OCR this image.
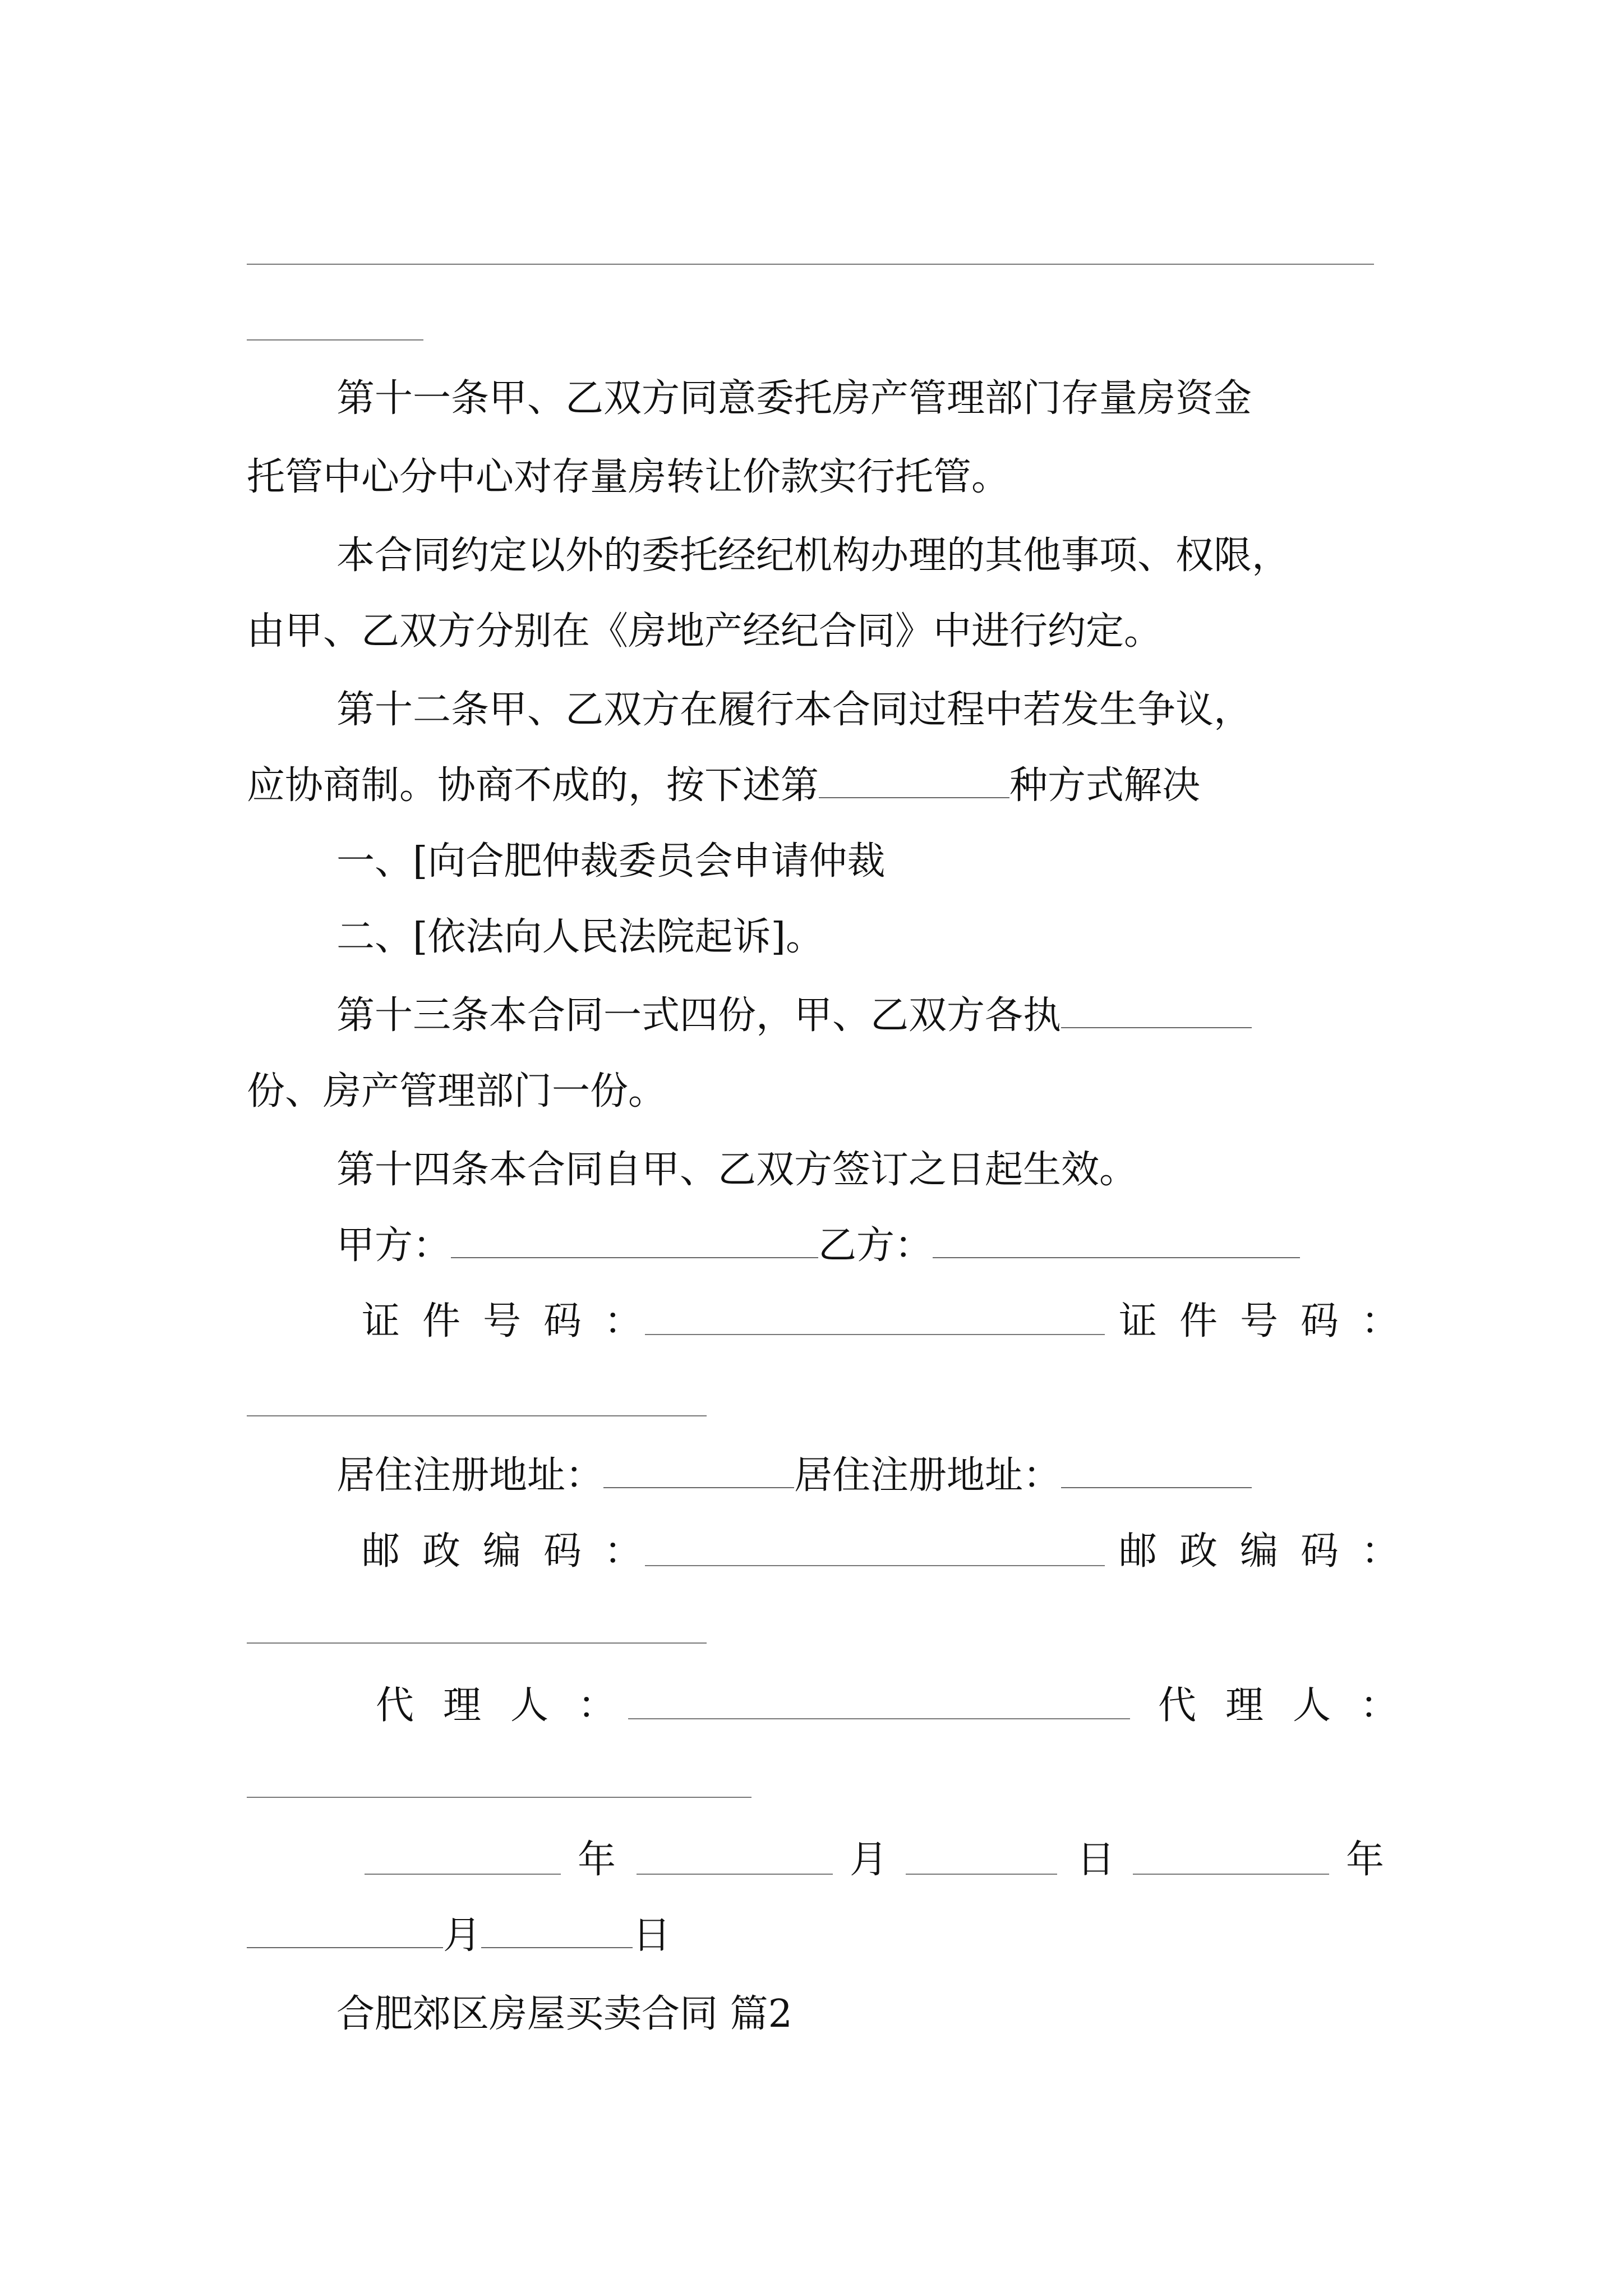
第十一条甲、乙双方同意委托房产管理部门存量房资金
托管中心分中心对存量房转让价款实行托管。
本合同约定以外的委托经纪机构办理的其他事项、权限，
由甲、乙双方分别在《房地产经纪合同》中进行约定。
第十二条甲、乙双方在履行本合同过程中若发生争议，
应协商制。协商不成的，按下述第	种方式解决
一、[向合肥仲裁委员会申请仲裁
二、[依法向人民法院起诉]。
第十三条本合同一式四份，甲、乙双方各执
份、房产管理部门一份。
第十四条本合同自甲、乙双方签订之日起生效。
甲方：	乙方：
证件号码：	证件号码：
居住注册地址：	居住注册地址：
邮政编码：	邮政编码：
代理人：	代理人：
年	月	日	年
月	日
合肥郊区房屋买卖合同 篇2
